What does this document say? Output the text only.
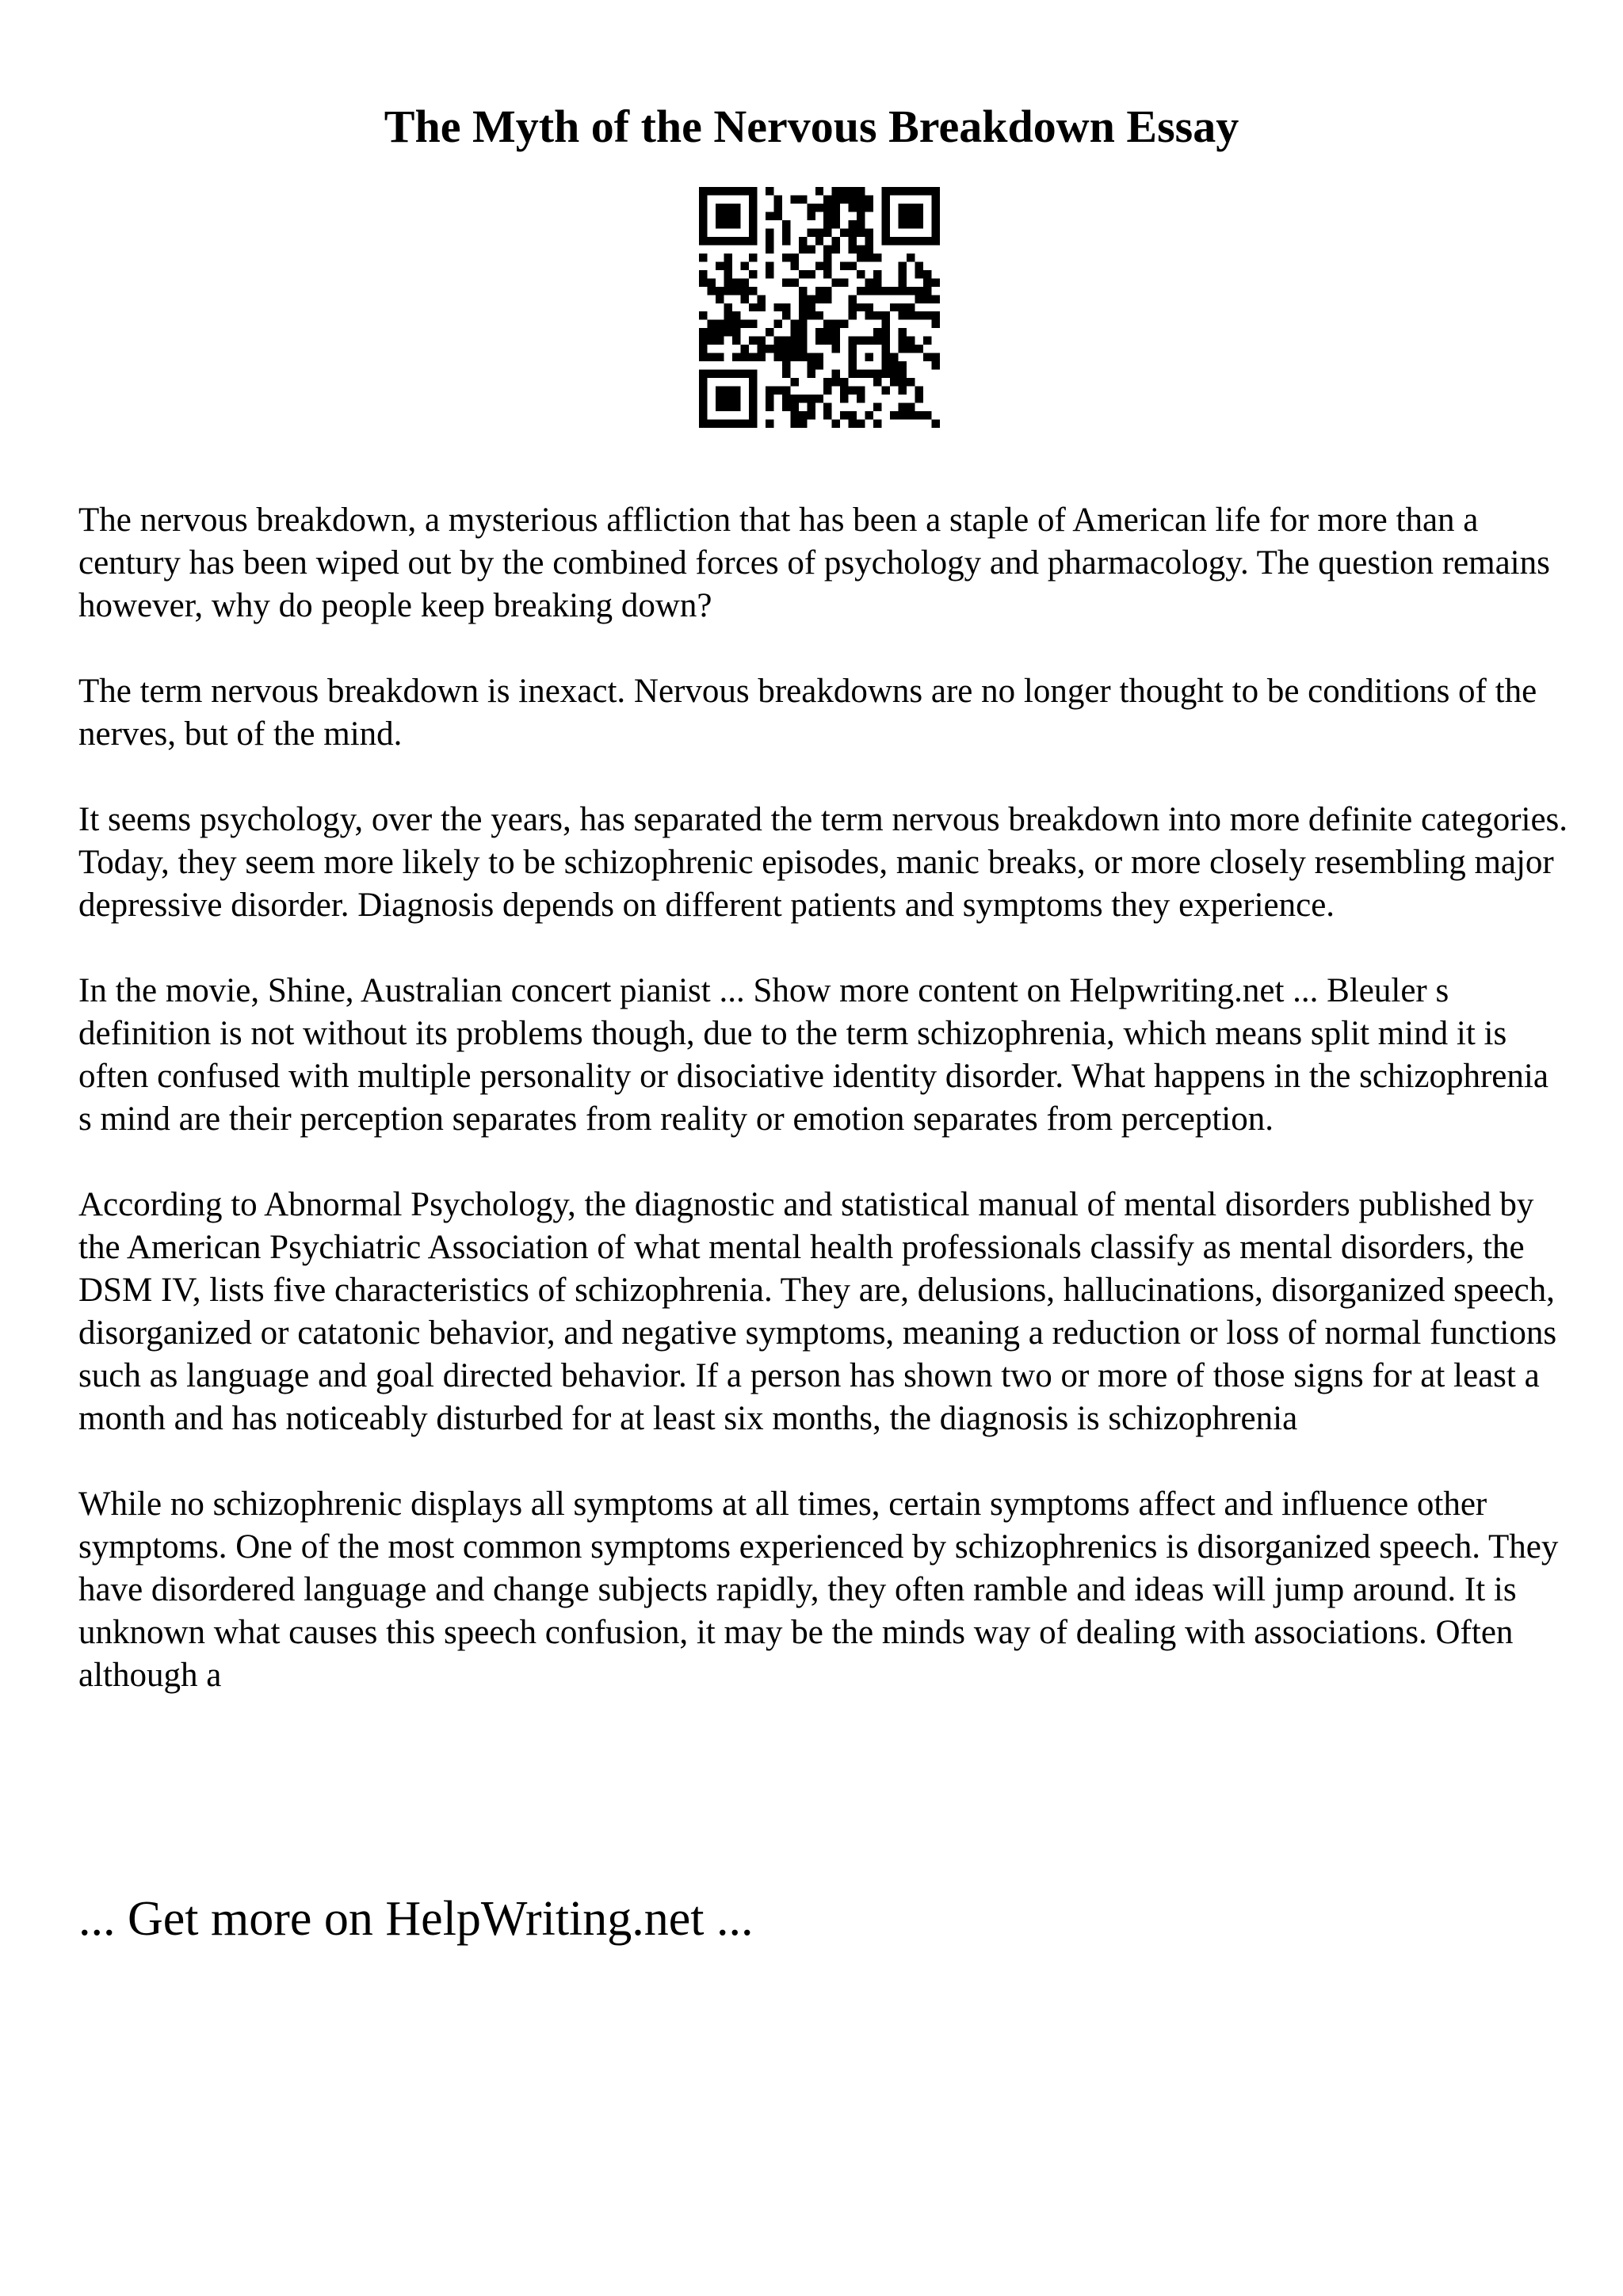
The Myth of the Nervous Breakdown Essay

The nervous breakdown, a mysterious affliction that has been a staple of American life for more than a century has been wiped out by the combined forces of psychology and pharmacology. The question remains however, why do people keep breaking down?

The term nervous breakdown is inexact. Nervous breakdowns are no longer thought to be conditions of the nerves, but of the mind.

It seems psychology, over the years, has separated the term nervous breakdown into more definite categories. Today, they seem more likely to be schizophrenic episodes, manic breaks, or more closely resembling major depressive disorder. Diagnosis depends on different patients and symptoms they experience.

In the movie, Shine, Australian concert pianist ... Show more content on Helpwriting.net ... Bleuler s definition is not without its problems though, due to the term schizophrenia, which means split mind it is often confused with multiple personality or disociative identity disorder. What happens in the schizophrenia s mind are their perception separates from reality or emotion separates from perception.

According to Abnormal Psychology, the diagnostic and statistical manual of mental disorders published by the American Psychiatric Association of what mental health professionals classify as mental disorders, the DSM IV, lists five characteristics of schizophrenia. They are, delusions, hallucinations, disorganized speech, disorganized or catatonic behavior, and negative symptoms, meaning a reduction or loss of normal functions such as language and goal directed behavior. If a person has shown two or more of those signs for at least a month and has noticeably disturbed for at least six months, the diagnosis is schizophrenia

While no schizophrenic displays all symptoms at all times, certain symptoms affect and influence other symptoms. One of the most common symptoms experienced by schizophrenics is disorganized speech. They have disordered language and change subjects rapidly, they often ramble and ideas will jump around. It is unknown what causes this speech confusion, it may be the minds way of dealing with associations. Often although a

... Get more on HelpWriting.net ...
